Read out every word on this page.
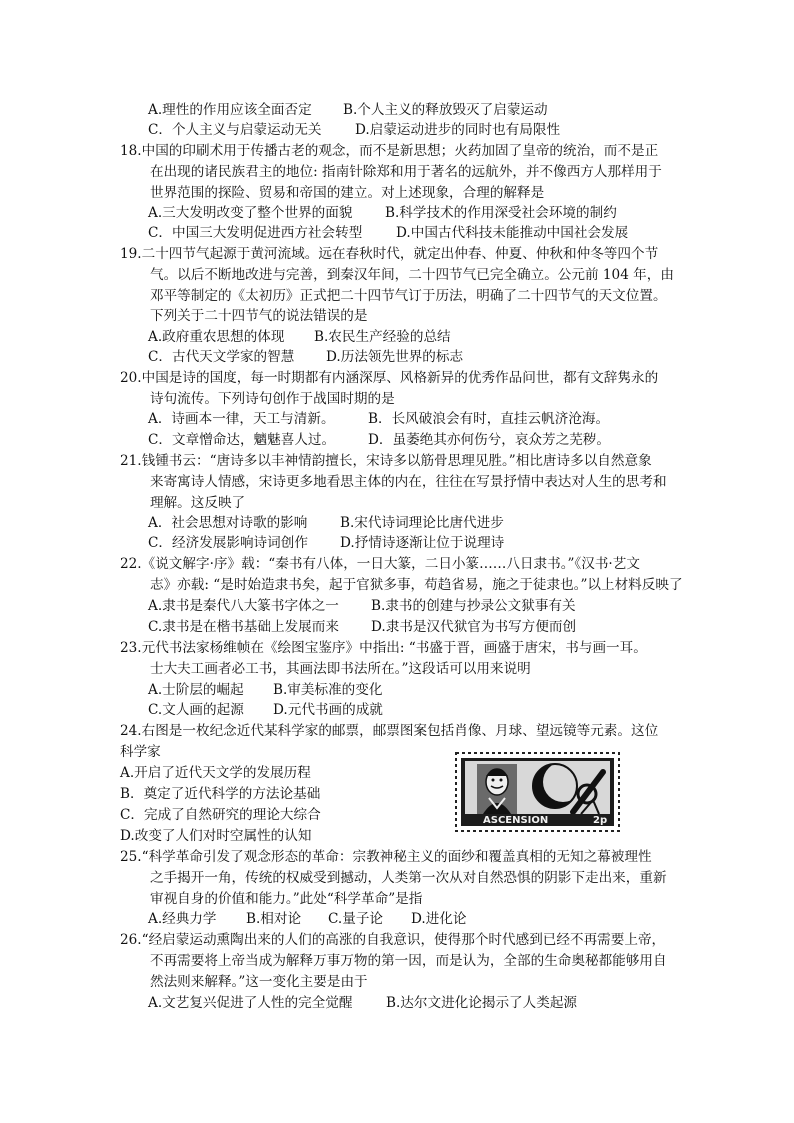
A.理性的作用应该全面否定 B.个人主义的释放毁灭了启蒙运动
C．个人主义与启蒙运动无关 D.启蒙运动进步的同时也有局限性
18.中国的印刷术用于传播古老的观念，而不是新思想；火药加固了皇帝的统治，而不是正
在出现的诸民族君主的地位: 指南针除郑和用于著名的远航外，并不像西方人那样用于
世界范围的探险、贸易和帝国的建立。对上述现象，合理的解释是
A.三大发明改变了整个世界的面貌 B.科学技术的作用深受社会环境的制约
C．中国三大发明促进西方社会转型 D.中国古代科技未能推动中国社会发展
19.二十四节气起源于黄河流域。远在春秋时代，就定出仲春、仲夏、仲秋和仲冬等四个节
气。以后不断地改进与完善，到秦汉年间，二十四节气已完全确立。公元前 104 年，由
邓平等制定的《太初历》正式把二十四节气订于历法，明确了二十四节气的天文位置。
下列关于二十四节气的说法错误的是
A.政府重农思想的体现 B.农民生产经验的总结
C．古代天文学家的智慧 D.历法领先世界的标志
20.中国是诗的国度，每一时期都有内涵深厚、风格新异的优秀作品问世，都有文辞隽永的
诗句流传。下列诗句创作于战国时期的是
A．诗画本一律，天工与清新。 B．长风破浪会有时，直挂云帆济沧海。
C．文章憎命达，魑魅喜人过。 D．虽萎绝其亦何伤兮，哀众芳之芜秽。
21.钱锺书云：“唐诗多以丰神情韵擅长，宋诗多以筋骨思理见胜。”相比唐诗多以自然意象
来寄寓诗人情感，宋诗更多地看思主体的内在，往往在写景抒情中表达对人生的思考和
理解。这反映了
A．社会思想对诗歌的影响 B.宋代诗词理论比唐代进步
C．经济发展影响诗词创作 D.抒情诗逐渐让位于说理诗
22.《说文解字·序》载：“秦书有八体，一日大篆，二日小篆……八日隶书。”《汉书·艺文
志》亦载: “是时始造隶书矣，起于官狱多事，苟趋省易，施之于徒隶也。”以上材料反映了
A.隶书是秦代八大篆书字体之一 B.隶书的创建与抄录公文狱事有关
C.隶书是在楷书基础上发展而来 D.隶书是汉代狱官为书写方便而创
23.元代书法家杨维帧在《绘图宝鉴序》中指出: “书盛于晋，画盛于唐宋，书与画一耳。
士大夫工画者必工书，其画法即书法所在。”这段话可以用来说明
A.士阶层的崛起 B.审美标准的变化
C.文人画的起源 D.元代书画的成就
24.右图是一枚纪念近代某科学家的邮票，邮票图案包括肖像、月球、望远镜等元素。这位
科学家
A.开启了近代天文学的发展历程
B．奠定了近代科学的方法论基础
C．完成了自然研究的理论大综合
D.改变了人们对时空属性的认知
ASCENSION	2p
25.“科学革命引发了观念形态的革命：宗教神秘主义的面纱和覆盖真相的无知之幕被理性
之手揭开一角，传统的权威受到撼动，人类第一次从对自然恐惧的阴影下走出来，重新
审视自身的价值和能力。”此处“科学革命”是指
A.经典力学 B.相对论 C.量子论 D.进化论
26.“经启蒙运动熏陶出来的人们的高涨的自我意识，使得那个时代感到已经不再需要上帝，
不再需要将上帝当成为解释万事万物的第一因，而是认为，全部的生命奥秘都能够用自
然法则来解释。”这一变化主要是由于
A.文艺复兴促进了人性的完全觉醒 B.达尔文进化论揭示了人类起源
